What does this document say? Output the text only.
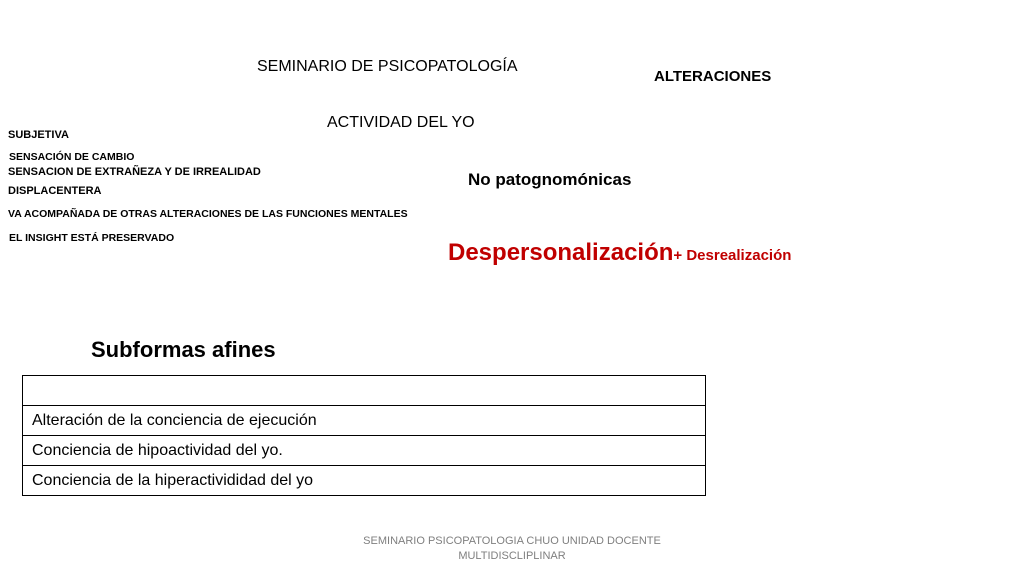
SEMINARIO DE PSICOPATOLOGÍA
ALTERACIONES
ACTIVIDAD DEL YO
SUBJETIVA
SENSACIÓN DE CAMBIO
SENSACION DE EXTRAÑEZA Y DE IRREALIDAD
DISPLACENTERA
VA ACOMPAÑADA DE OTRAS ALTERACIONES DE LAS FUNCIONES MENTALES
EL INSIGHT ESTÁ PRESERVADO
No patognomónicas
Despersonalización+ Desrealización
Subformas afines

Alteración de la conciencia de ejecución
Conciencia de hipoactividad del yo.
Conciencia de la hiperactivididad del yo
SEMINARIO PSICOPATOLOGIA CHUO UNIDAD DOCENTE MULTIDISCLIPLINAR
